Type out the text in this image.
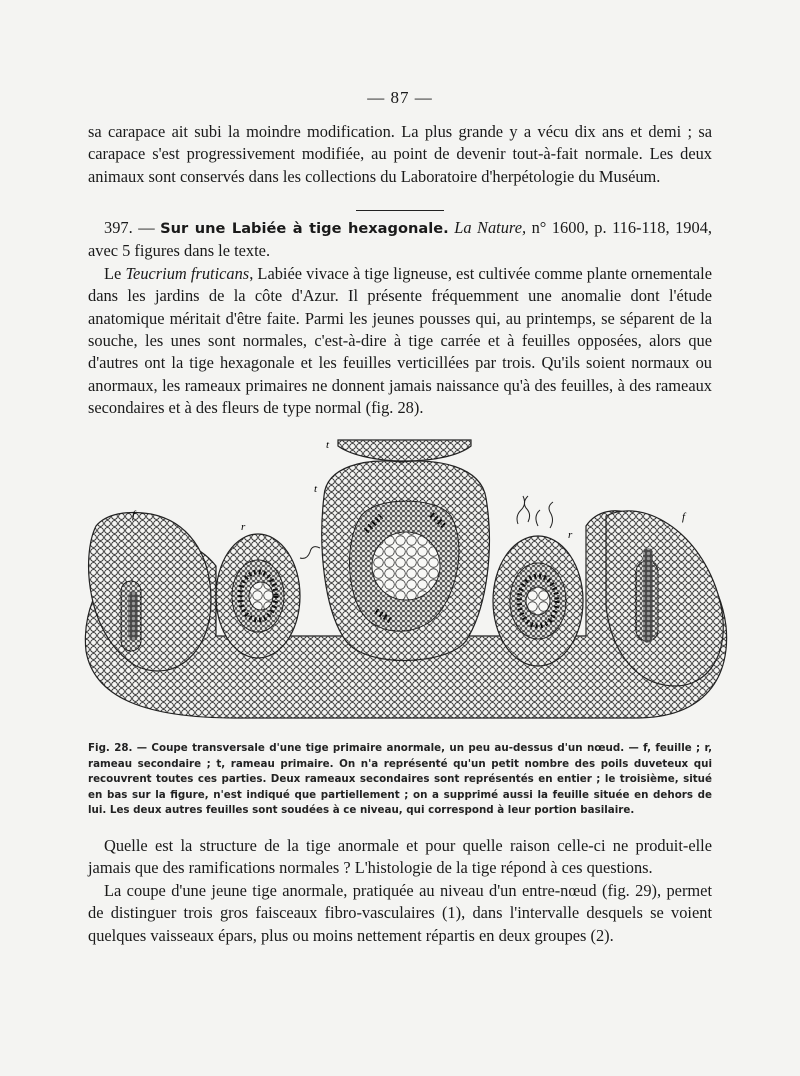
— 87 —

sa carapace ait subi la moindre modification. La plus grande y a vécu dix ans et demi ; sa carapace s'est progressivement modifiée, au point de devenir tout-à-fait normale. Les deux animaux sont conservés dans les collections du Laboratoire d'herpétologie du Muséum.

397. — Sur une Labiée à tige hexagonale. La Nature, n° 1600, p. 116-118, 1904, avec 5 figures dans le texte.

Le Teucrium fruticans, Labiée vivace à tige ligneuse, est cultivée comme plante ornementale dans les jardins de la côte d'Azur. Il présente fréquemment une anomalie dont l'étude anatomique méritait d'être faite. Parmi les jeunes pousses qui, au printemps, se séparent de la souche, les unes sont normales, c'est-à-dire à tige carrée et à feuilles opposées, alors que d'autres ont la tige hexagonale et les feuilles verticillées par trois. Qu'ils soient normaux ou anormaux, les rameaux primaires ne donnent jamais naissance qu'à des feuilles, à des rameaux secondaires et à des fleurs de type normal (fig. 28).

t
t
f
r
r
f
Fig. 28. — Coupe transversale d'une tige primaire anormale, un peu au-dessus d'un nœud. — f, feuille ; r, rameau secondaire ; t, rameau primaire. On n'a représenté qu'un petit nombre des poils duveteux qui recouvrent toutes ces parties. Deux rameaux secondaires sont représentés en entier ; le troisième, situé en bas sur la figure, n'est indiqué que partiellement ; on a supprimé aussi la feuille située en dehors de lui. Les deux autres feuilles sont soudées à ce niveau, qui correspond à leur portion basilaire.

Quelle est la structure de la tige anormale et pour quelle raison celle-ci ne produit-elle jamais que des ramifications normales ? L'histologie de la tige répond à ces questions.

La coupe d'une jeune tige anormale, pratiquée au niveau d'un entre-nœud (fig. 29), permet de distinguer trois gros faisceaux fibro-vasculaires (1), dans l'intervalle desquels se voient quelques vaisseaux épars, plus ou moins nettement répartis en deux groupes (2).
